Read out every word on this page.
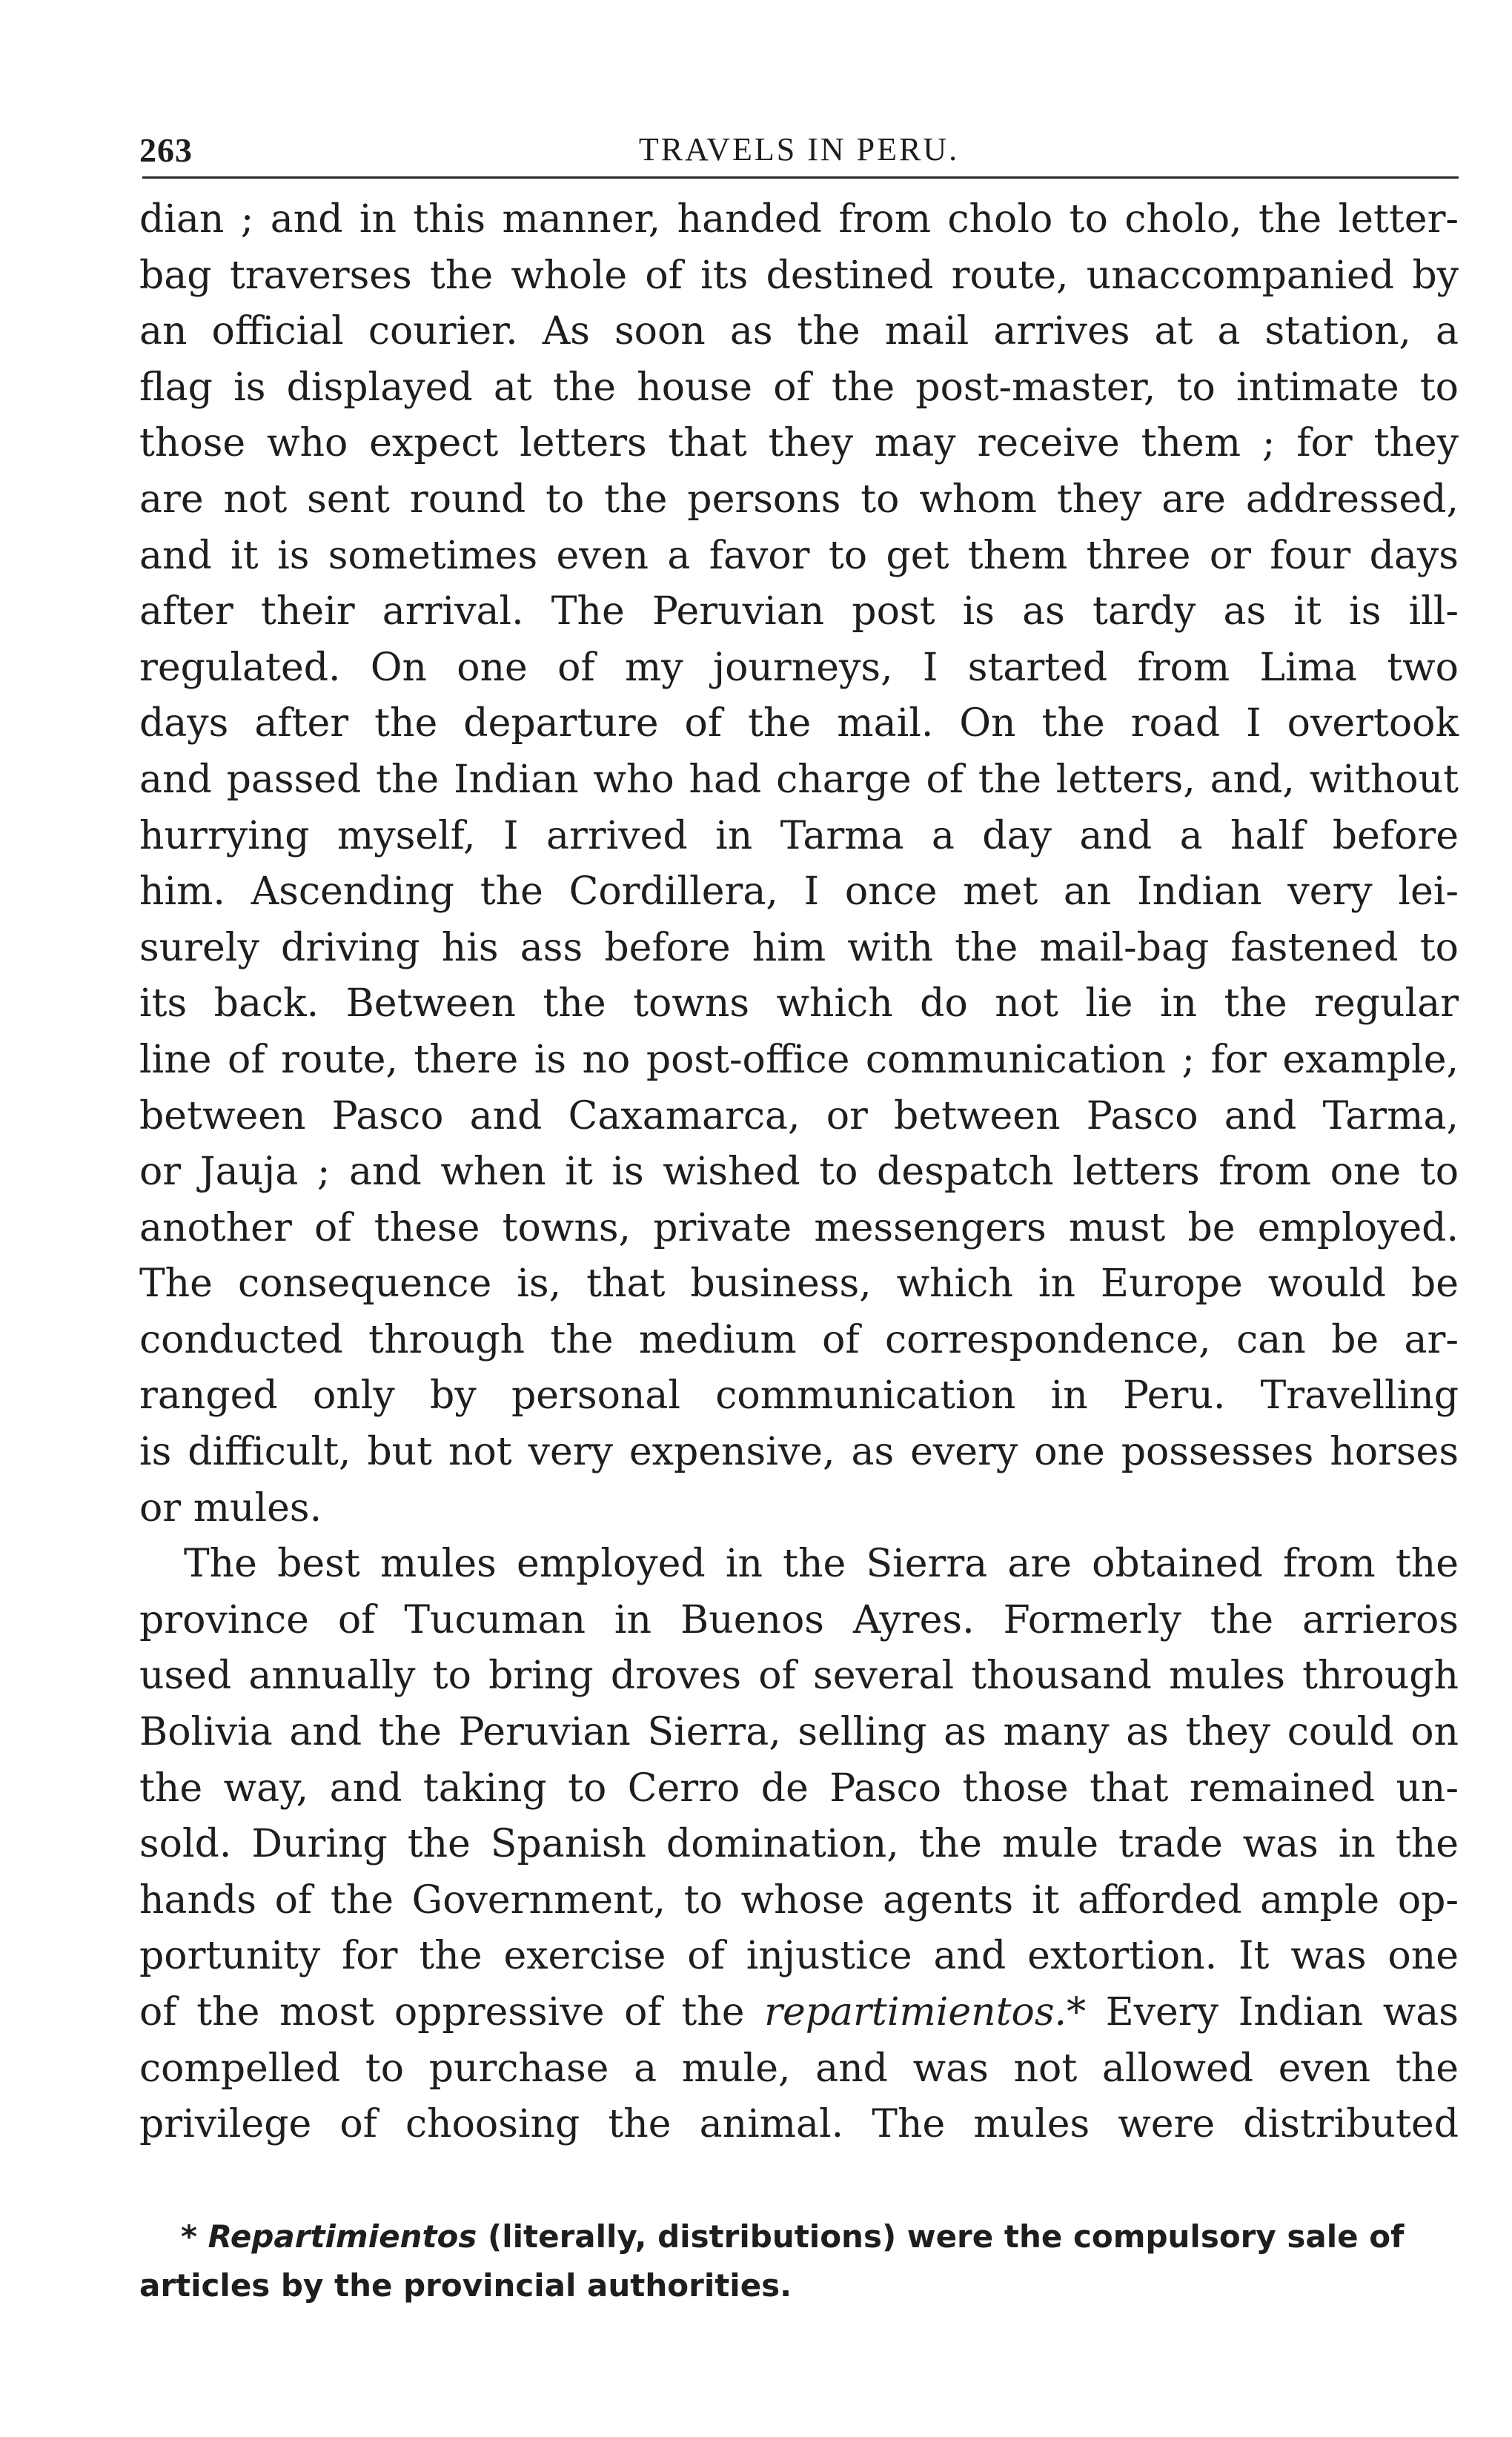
263	TRAVELS IN PERU.
dian ; and in this manner, handed from cholo to cholo, the letter-
bag traverses the whole of its destined route, unaccompanied by
an official courier. As soon as the mail arrives at a station, a
flag is displayed at the house of the post-master, to intimate to
those who expect letters that they may receive them ; for they
are not sent round to the persons to whom they are addressed,
and it is sometimes even a favor to get them three or four days
after their arrival. The Peruvian post is as tardy as it is ill-
regulated. On one of my journeys, I started from Lima two
days after the departure of the mail. On the road I overtook
and passed the Indian who had charge of the letters, and, without
hurrying myself, I arrived in Tarma a day and a half before
him. Ascending the Cordillera, I once met an Indian very lei-
surely driving his ass before him with the mail-bag fastened to
its back. Between the towns which do not lie in the regular
line of route, there is no post-office communication ; for example,
between Pasco and Caxamarca, or between Pasco and Tarma,
or Jauja ; and when it is wished to despatch letters from one to
another of these towns, private messengers must be employed.
The consequence is, that business, which in Europe would be
conducted through the medium of correspondence, can be ar-
ranged only by personal communication in Peru. Travelling
is difficult, but not very expensive, as every one possesses horses
or mules.
The best mules employed in the Sierra are obtained from the
province of Tucuman in Buenos Ayres. Formerly the arrieros
used annually to bring droves of several thousand mules through
Bolivia and the Peruvian Sierra, selling as many as they could on
the way, and taking to Cerro de Pasco those that remained un-
sold. During the Spanish domination, the mule trade was in the
hands of the Government, to whose agents it afforded ample op-
portunity for the exercise of injustice and extortion. It was one
of the most oppressive of the repartimientos.* Every Indian was
compelled to purchase a mule, and was not allowed even the
privilege of choosing the animal. The mules were distributed
* Repartimientos (literally, distributions) were the compulsory sale of
articles by the provincial authorities.
